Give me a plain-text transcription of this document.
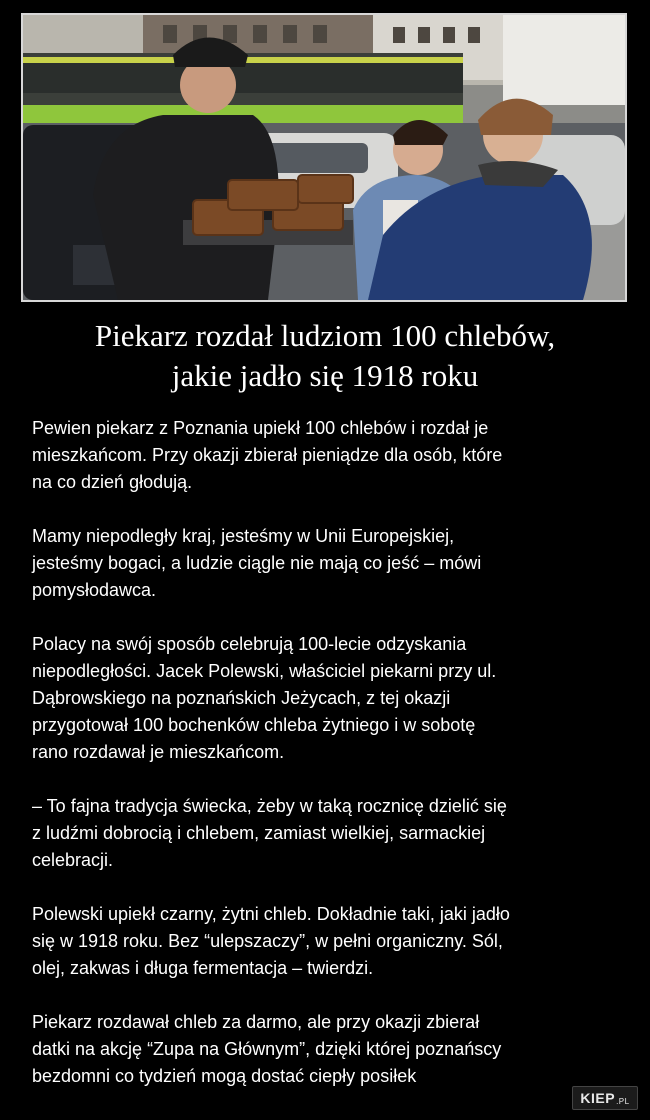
Piekarz rozdał ludziom 100 chlebów,
jakie jadło się 1918 roku

Pewien piekarz z Poznania upiekł 100 chlebów i rozdał je
mieszkańcom. Przy okazji zbierał pieniądze dla osób, które
na co dzień głodują.

Mamy niepodległy kraj, jesteśmy w Unii Europejskiej,
jesteśmy bogaci, a ludzie ciągle nie mają co jeść – mówi
pomysłodawca.

Polacy na swój sposób celebrują 100-lecie odzyskania
niepodległości. Jacek Polewski, właściciel piekarni przy ul.
Dąbrowskiego na poznańskich Jeżycach, z tej okazji
przygotował 100 bochenków chleba żytniego i w sobotę
rano rozdawał je mieszkańcom.

– To fajna tradycja świecka, żeby w taką rocznicę dzielić się
z ludźmi dobrocią i chlebem, zamiast wielkiej, sarmackiej
celebracji.

Polewski upiekł czarny, żytni chleb. Dokładnie taki, jaki jadło
się w 1918 roku. Bez “ulepszaczy”, w pełni organiczny. Sól,
olej, zakwas i długa fermentacja – twierdzi.

Piekarz rozdawał chleb za darmo, ale przy okazji zbierał
datki na akcję “Zupa na Głównym”, dzięki której poznańscy
bezdomni co tydzień mogą dostać ciepły posiłek

KIEP .PL
